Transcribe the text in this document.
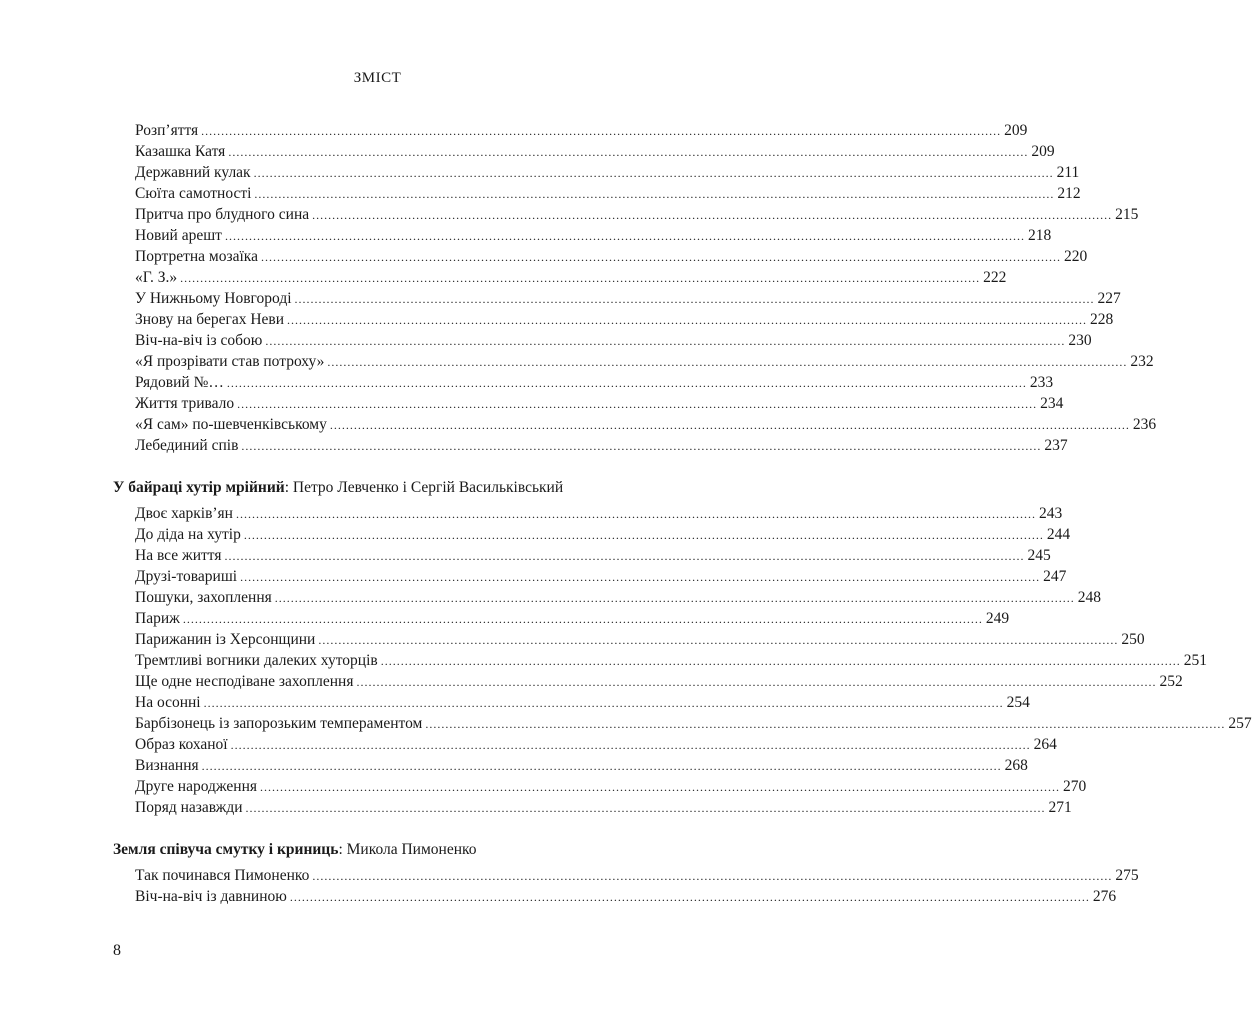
ЗМІСТ
Розп’яття ........................................................................................................................................................................................................ 209
Казашка Катя ........................................................................................................................................................................................................ 209
Державний кулак ........................................................................................................................................................................................................ 211
Сюїта самотності ........................................................................................................................................................................................................ 212
Притча про блудного сина ........................................................................................................................................................................................................ 215
Новий арешт ........................................................................................................................................................................................................ 218
Портретна мозаїка ........................................................................................................................................................................................................ 220
«Г. З.» ........................................................................................................................................................................................................ 222
У Нижньому Новгороді ........................................................................................................................................................................................................ 227
Знову на берегах Неви ........................................................................................................................................................................................................ 228
Віч-на-віч із собою ........................................................................................................................................................................................................ 230
«Я прозрівати став потроху» ........................................................................................................................................................................................................ 232
Рядовий №… ........................................................................................................................................................................................................ 233
Життя тривало ........................................................................................................................................................................................................ 234
«Я сам» по-шевченківському ........................................................................................................................................................................................................ 236
Лебединий спів ........................................................................................................................................................................................................ 237
У байраці хутір мрійний: Петро Левченко і Сергій Васильківський
Двоє харків’ян ........................................................................................................................................................................................................ 243
До діда на хутір ........................................................................................................................................................................................................ 244
На все життя ........................................................................................................................................................................................................ 245
Друзі-товариші ........................................................................................................................................................................................................ 247
Пошуки, захоплення ........................................................................................................................................................................................................ 248
Париж ........................................................................................................................................................................................................ 249
Парижанин із Херсонщини ........................................................................................................................................................................................................ 250
Тремтливі вогники далеких хуторців ........................................................................................................................................................................................................ 251
Ще одне несподіване захоплення ........................................................................................................................................................................................................ 252
На осонні ........................................................................................................................................................................................................ 254
Барбізонець із запорозьким темпераментом ........................................................................................................................................................................................................ 257
Образ коханої ........................................................................................................................................................................................................ 264
Визнання ........................................................................................................................................................................................................ 268
Друге народження ........................................................................................................................................................................................................ 270
Поряд назавжди ........................................................................................................................................................................................................ 271
Земля співуча смутку і криниць: Микола Пимоненко
Так починався Пимоненко ........................................................................................................................................................................................................ 275
Віч-на-віч із давниною ........................................................................................................................................................................................................ 276
8
